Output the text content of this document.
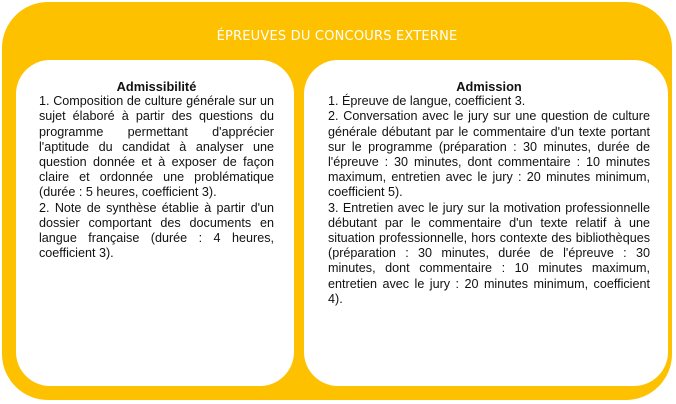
ÉPREUVES DU CONCOURS EXTERNE
Admissibilité

1. Composition de culture générale sur un sujet élaboré à partir des questions du programme permettant d'apprécier l'aptitude du candidat à analyser une question donnée et à exposer de façon claire et ordonnée une problématique (durée : 5 heures, coefficient 3).

2. Note de synthèse établie à partir d'un dossier comportant des documents en langue française (durée : 4 heures, coefficient 3).

Admission

1. Épreuve de langue, coefficient 3.

2. Conversation avec le jury sur une question de culture générale débutant par le commentaire d'un texte portant sur le programme (préparation : 30 minutes, durée de l'épreuve : 30 minutes, dont commentaire : 10 minutes maximum, entretien avec le jury : 20 minutes minimum, coefficient 5).

3. Entretien avec le jury sur la motivation professionnelle débutant par le commentaire d'un texte relatif à une situation professionnelle, hors contexte des bibliothèques (préparation : 30 minutes, durée de l'épreuve : 30 minutes, dont commentaire : 10 minutes maximum, entretien avec le jury : 20 minutes minimum, coefficient 4).
